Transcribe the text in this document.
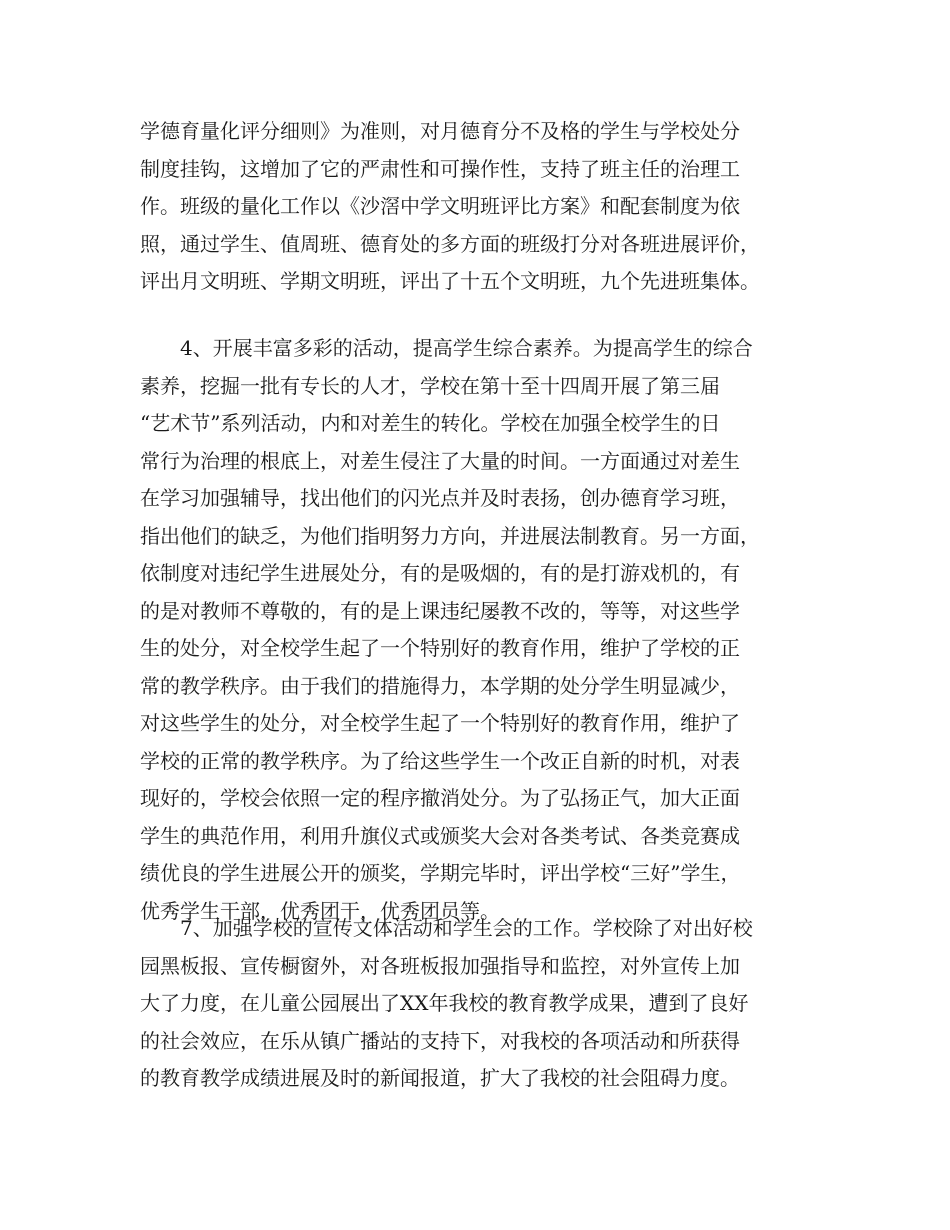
学德育量化评分细则》为准则，对月德育分不及格的学生与学校处分
制度挂钩，这增加了它的严肃性和可操作性，支持了班主任的治理工
作。班级的量化工作以《沙滘中学文明班评比方案》和配套制度为依
照，通过学生、值周班、德育处的多方面的班级打分对各班进展评价，
评出月文明班、学期文明班，评出了十五个文明班，九个先进班集体。
　　4、开展丰富多彩的活动，提高学生综合素养。为提高学生的综合
素养，挖掘一批有专长的人才，学校在第十至十四周开展了第三届
“艺术节”系列活动，内和对差生的转化。学校在加强全校学生的日
常行为治理的根底上，对差生侵注了大量的时间。一方面通过对差生
在学习加强辅导，找出他们的闪光点并及时表扬，创办德育学习班，
指出他们的缺乏，为他们指明努力方向，并进展法制教育。另一方面，
依制度对违纪学生进展处分，有的是吸烟的，有的是打游戏机的，有
的是对教师不尊敬的，有的是上课违纪屡教不改的，等等，对这些学
生的处分，对全校学生起了一个特别好的教育作用，维护了学校的正
常的教学秩序。由于我们的措施得力，本学期的处分学生明显减少，
对这些学生的处分，对全校学生起了一个特别好的教育作用，维护了
学校的正常的教学秩序。为了给这些学生一个改正自新的时机，对表
现好的，学校会依照一定的程序撤消处分。为了弘扬正气，加大正面
学生的典范作用，利用升旗仪式或颁奖大会对各类考试、各类竞赛成
绩优良的学生进展公开的颁奖，学期完毕时，评出学校“三好”学生，
优秀学生干部，优秀团干，优秀团员等。
　　7、加强学校的宣传文体活动和学生会的工作。学校除了对出好校
园黑板报、宣传橱窗外，对各班板报加强指导和监控，对外宣传上加
大了力度，在儿童公园展出了XX年我校的教育教学成果，遭到了良好
的社会效应，在乐从镇广播站的支持下，对我校的各项活动和所获得
的教育教学成绩进展及时的新闻报道，扩大了我校的社会阻碍力度。
